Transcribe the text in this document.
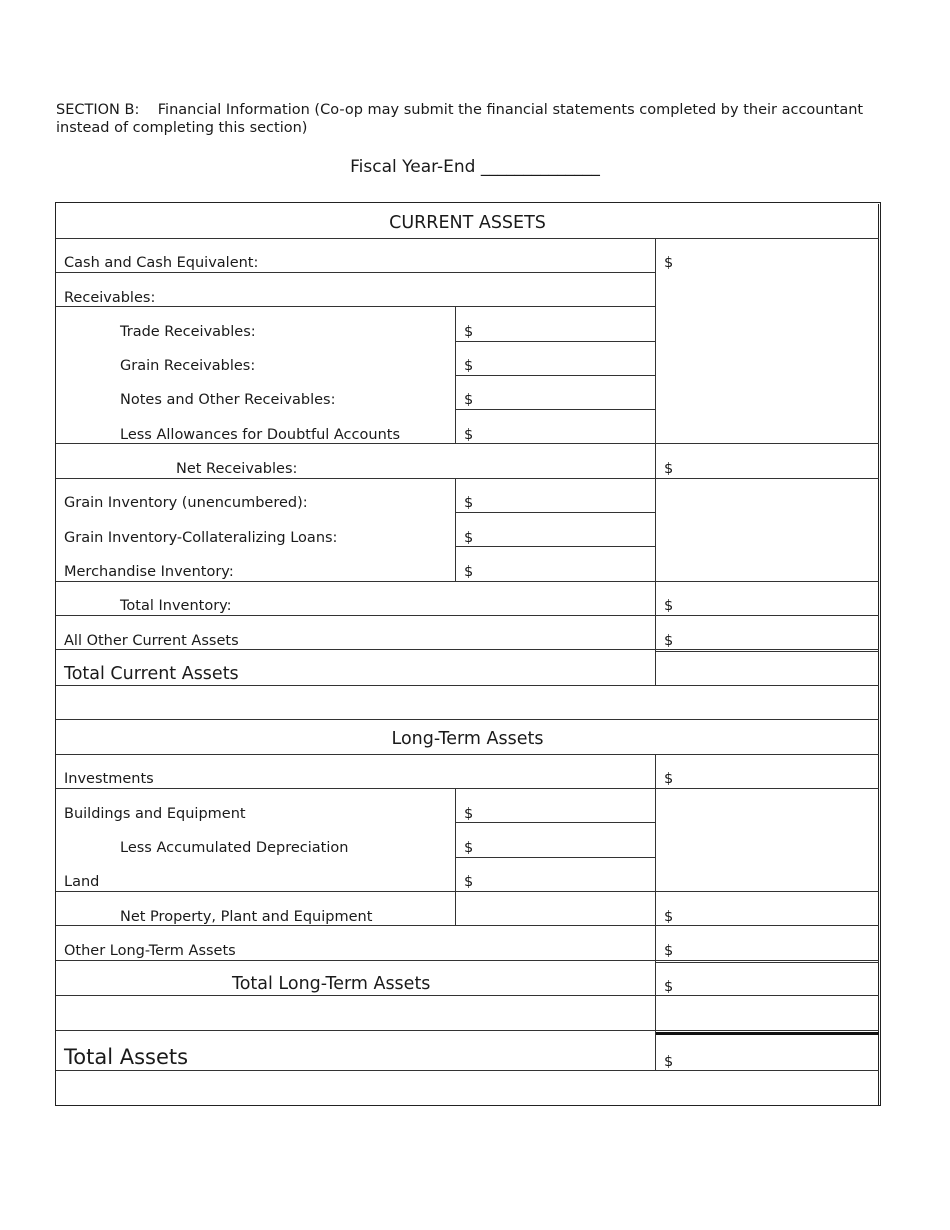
SECTION B: Financial Information (Co-op may submit the financial statements completed by their accountant instead of completing this section)
Fiscal Year-End ______________
CURRENT ASSETS
Cash and Cash Equivalent:	$
Receivables:
Trade Receivables:	$
Grain Receivables:	$
Notes and Other Receivables:	$
Less Allowances for Doubtful Accounts	$
Net Receivables:	$
Grain Inventory (unencumbered):	$
Grain Inventory-Collateralizing Loans:	$
Merchandise Inventory:	$
Total Inventory:	$
All Other Current Assets	$
Total Current Assets
Long-Term Assets
Investments	$
Buildings and Equipment	$
Less Accumulated Depreciation	$
Land	$
Net Property, Plant and Equipment	$
Other Long-Term Assets	$
Total Long-Term Assets	$
Total Assets	$
